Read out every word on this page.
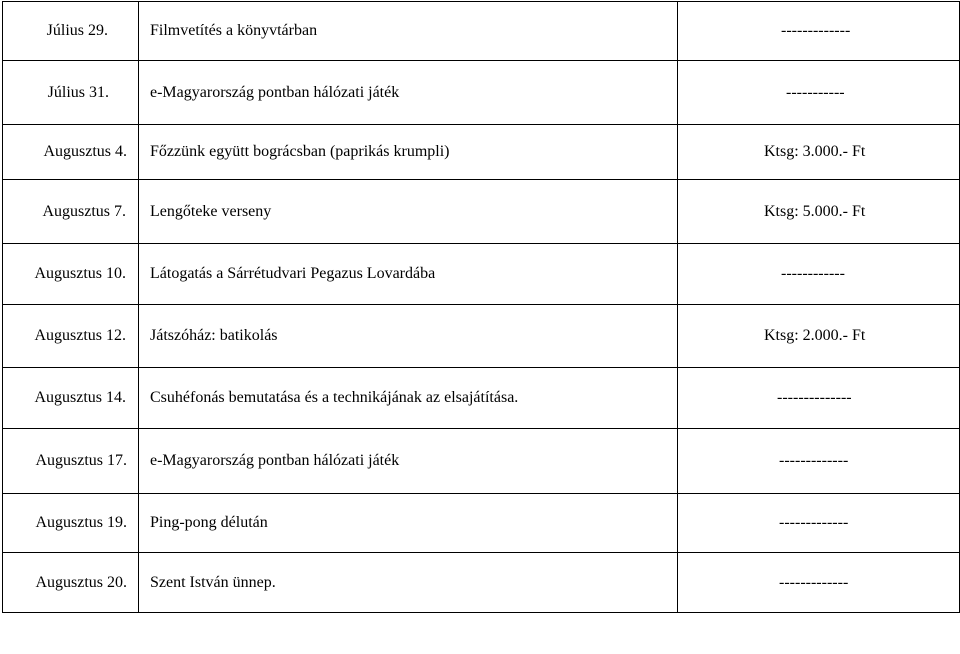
Július 29.	Filmvetítés a könyvtárban	-------------
Július 31.	e-Magyarország pontban hálózati játék	-----------
Augusztus 4.	Főzzünk együtt bográcsban (paprikás krumpli)	Ktsg: 3.000.- Ft
Augusztus 7.	Lengőteke verseny	Ktsg: 5.000.- Ft
Augusztus 10.	Látogatás a Sárrétudvari Pegazus Lovardába	------------
Augusztus 12.	Játszóház: batikolás	Ktsg: 2.000.- Ft
Augusztus 14.	Csuhéfonás bemutatása és a technikájának az elsajátítása.	--------------
Augusztus 17.	e-Magyarország pontban hálózati játék	-------------
Augusztus 19.	Ping-pong délután	-------------
Augusztus 20.	Szent István ünnep.	-------------
